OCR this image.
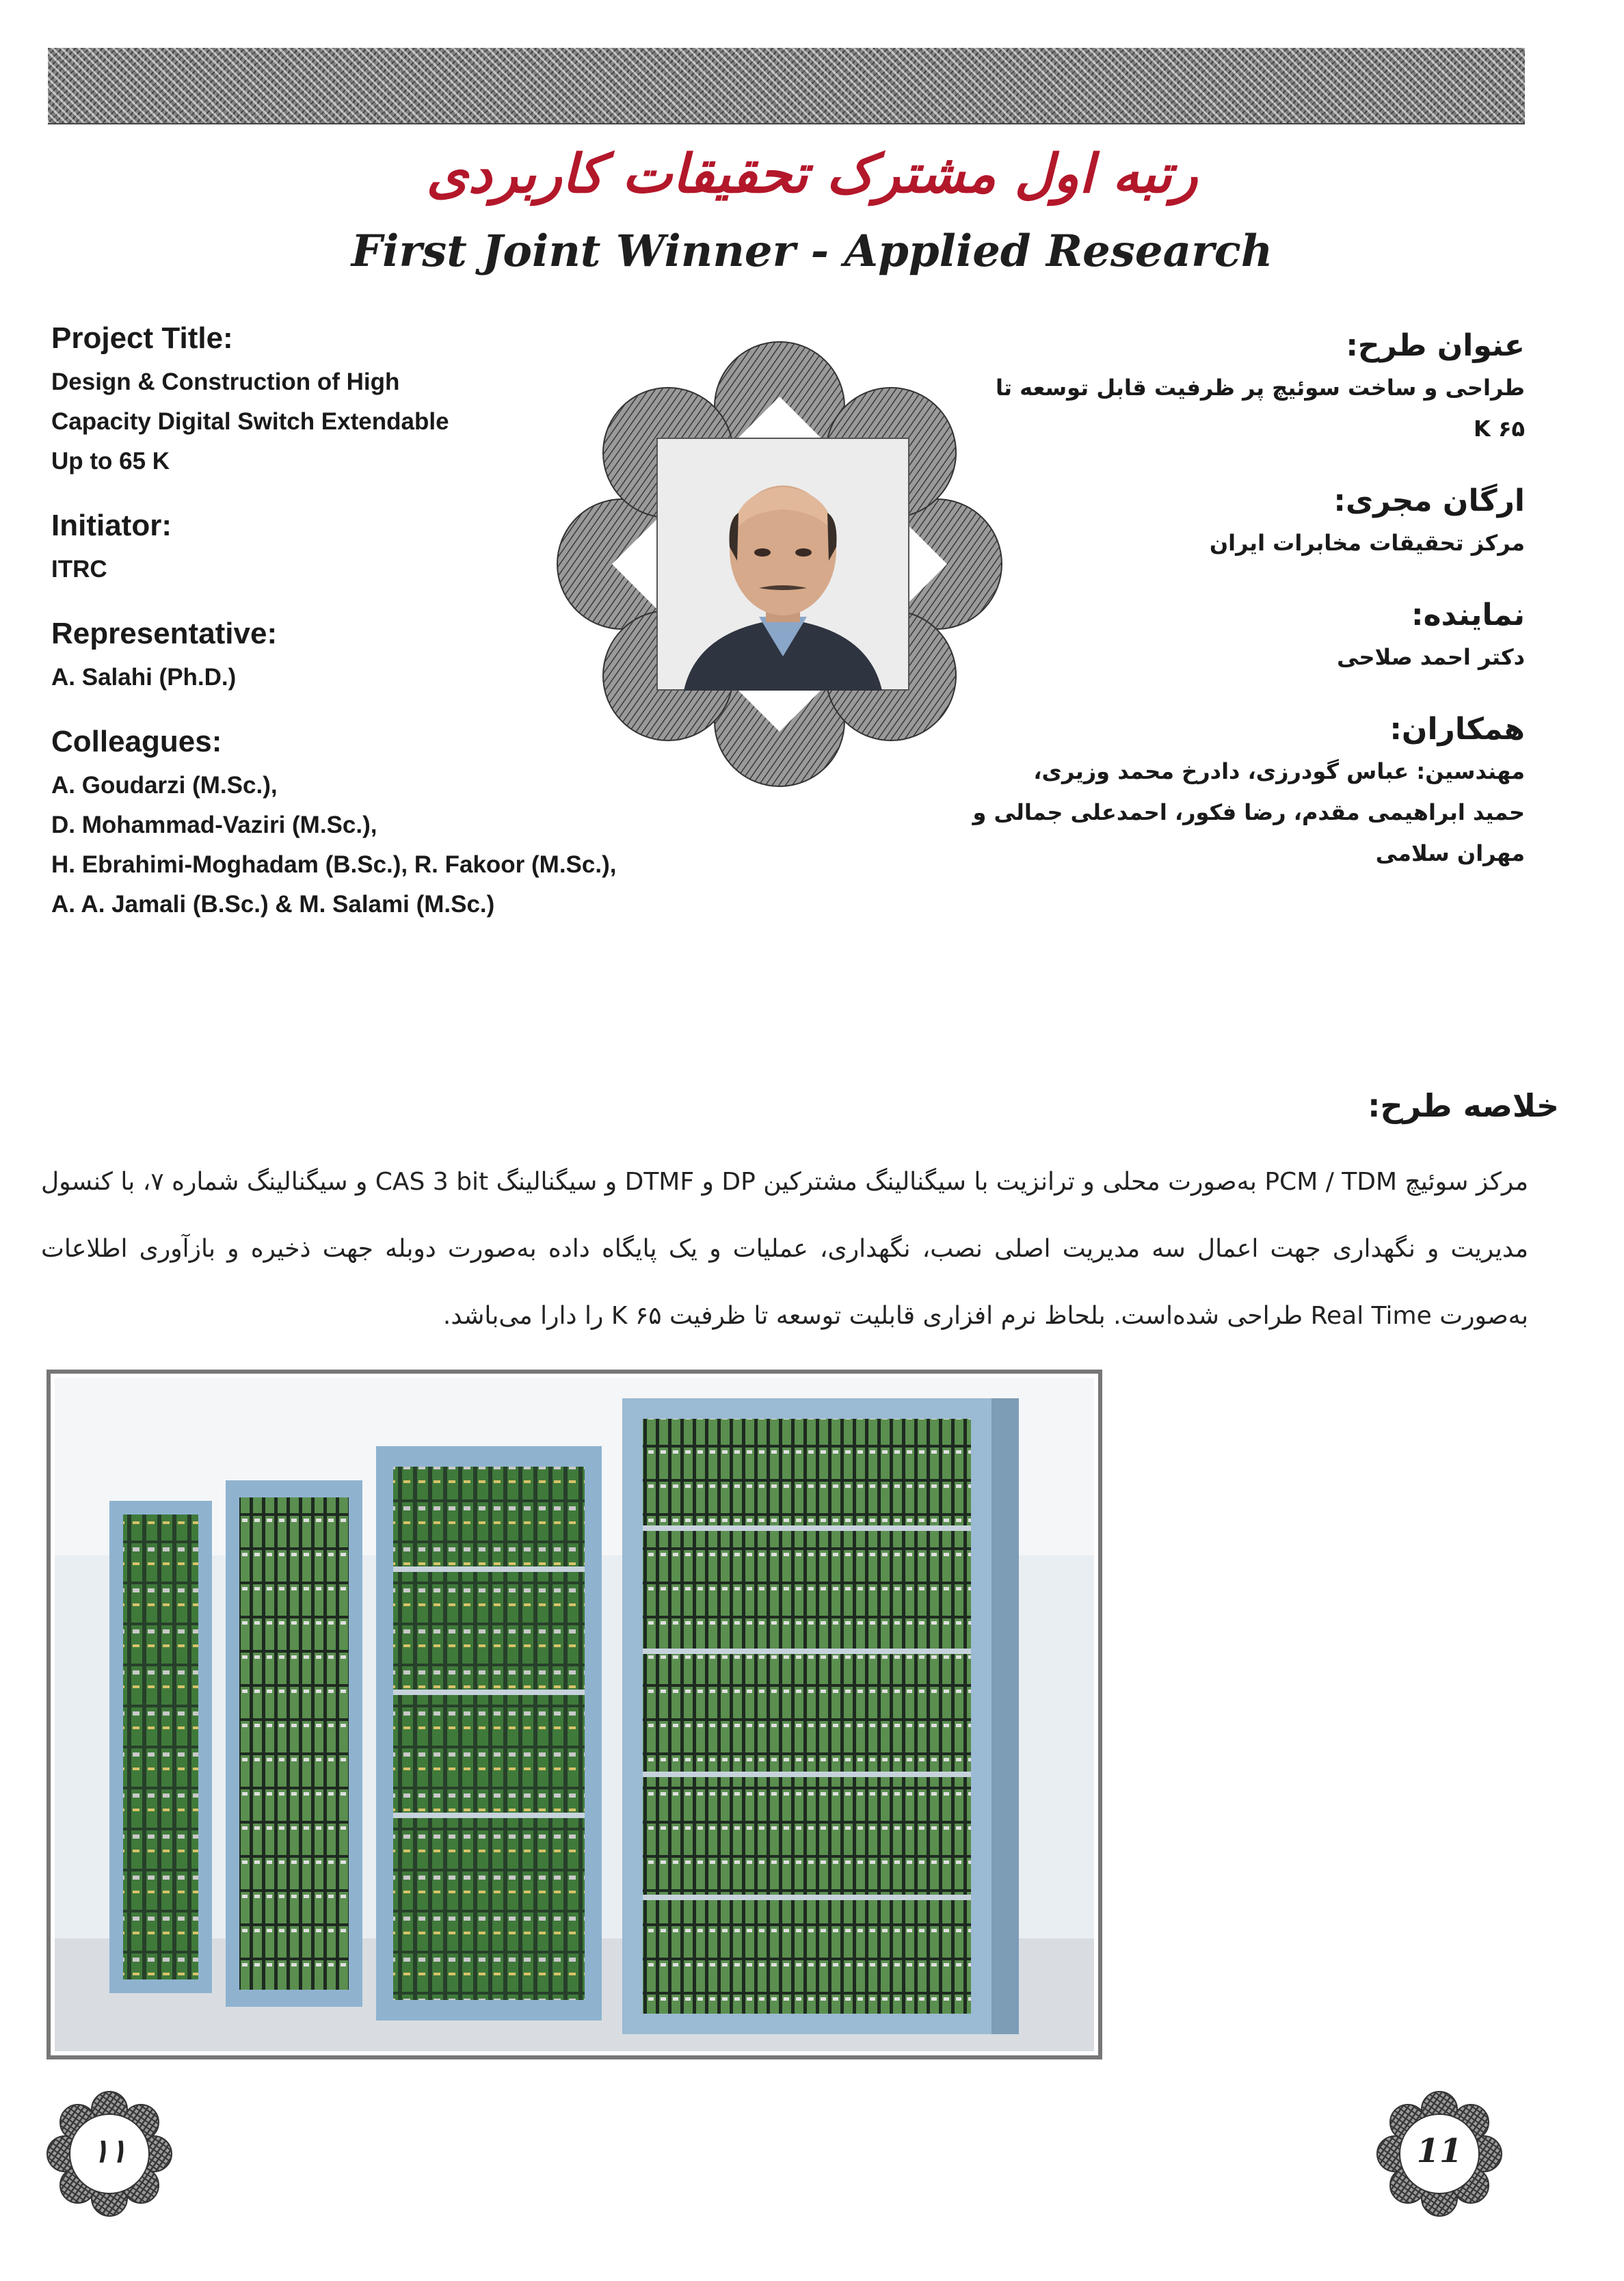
رتبه اول مشترک تحقیقات کاربردی
First Joint Winner - Applied Research
Project Title:
Design & Construction of High
Capacity Digital Switch Extendable
Up to 65 K
Initiator:
ITRC
Representative:
A. Salahi (Ph.D.)
Colleagues:
A. Goudarzi (M.Sc.),
D. Mohammad-Vaziri (M.Sc.),
H. Ebrahimi-Moghadam (B.Sc.), R. Fakoor (M.Sc.),
A. A. Jamali (B.Sc.) & M. Salami (M.Sc.)
عنوان طرح:
طراحی و ساخت سوئیچ پر ظرفیت قابل توسعه تا
۶۵ K
ارگان مجری:
مرکز تحقیقات مخابرات ایران
نماینده:
دکتر احمد صلاحی
همکاران:
مهندسین: عباس گودرزی، دادرخ محمد وزیری،
حمید ابراهیمی مقدم، رضا فکور، احمدعلی جمالی و مهران سلامی
خلاصه طرح:
مرکز سوئیچ PCM / TDM به‌صورت محلی و ترانزیت با سیگنالینگ مشترکین DP و DTMF و سیگنالینگ CAS 3 bit و سیگنالینگ شماره ۷، با کنسول مدیریت و نگهداری جهت اعمال سه مدیریت اصلی نصب، نگهداری، عملیات و یک پایگاه داده به‌صورت دوبله جهت ذخیره و بازآوری اطلاعات به‌صورت Real Time طراحی شده‌است. بلحاظ نرم افزاری قابلیت توسعه تا ظرفیت ۶۵ K را دارا می‌باشد.
۱۱	11
